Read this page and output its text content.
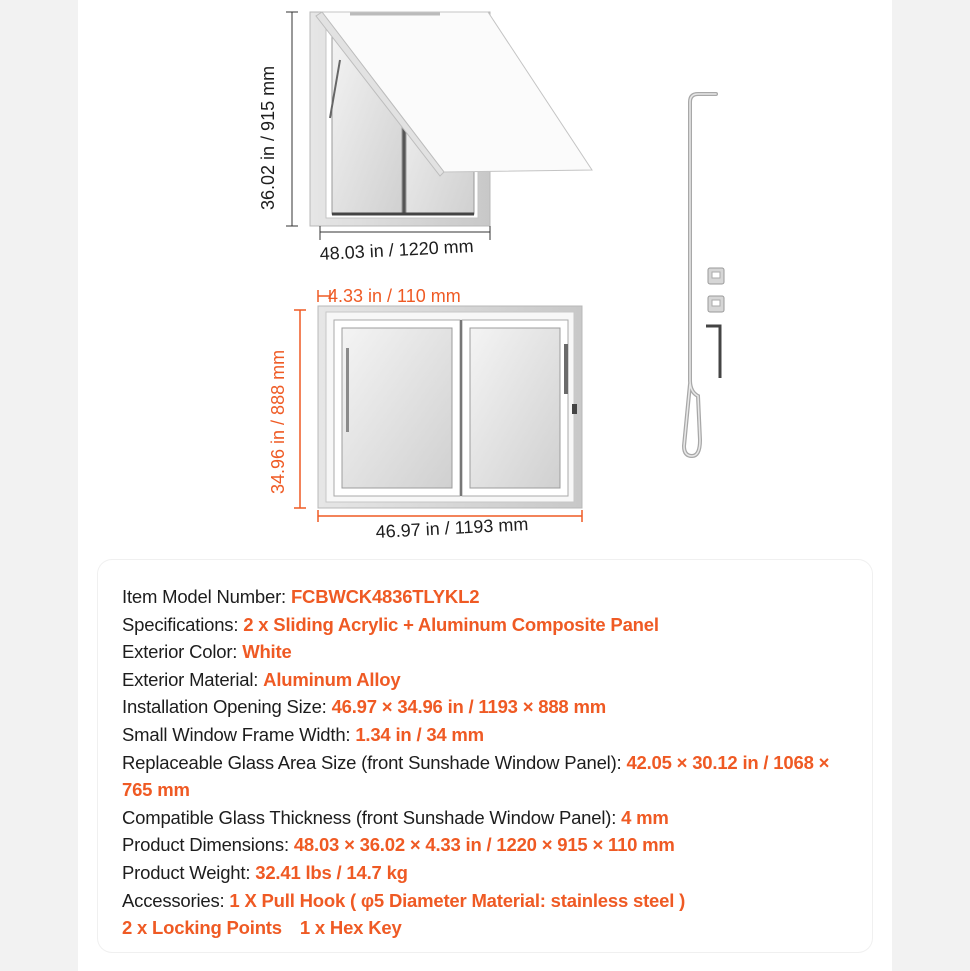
36.02 in / 915 mm
48.03 in / 1220 mm
4.33 in / 110 mm
34.96 in / 888 mm
46.97 in / 1193 mm
Item Model Number: FCBWCK4836TLYKL2
Specifications: 2 x Sliding Acrylic + Aluminum Composite Panel
Exterior Color: White
Exterior Material: Aluminum Alloy
Installation Opening Size: 46.97 × 34.96 in / 1193 × 888 mm
Small Window Frame Width: 1.34 in / 34 mm
Replaceable Glass Area Size (front Sunshade Window Panel): 42.05 × 30.12 in / 1068 × 765 mm
Compatible Glass Thickness (front Sunshade Window Panel): 4 mm
Product Dimensions: 48.03 × 36.02 × 4.33 in / 1220 × 915 × 110 mm
Product Weight: 32.41 lbs / 14.7 kg
Accessories: 1 X Pull Hook ( φ5 Diameter Material: stainless steel )
2 x Locking Points 1 x Hex Key
